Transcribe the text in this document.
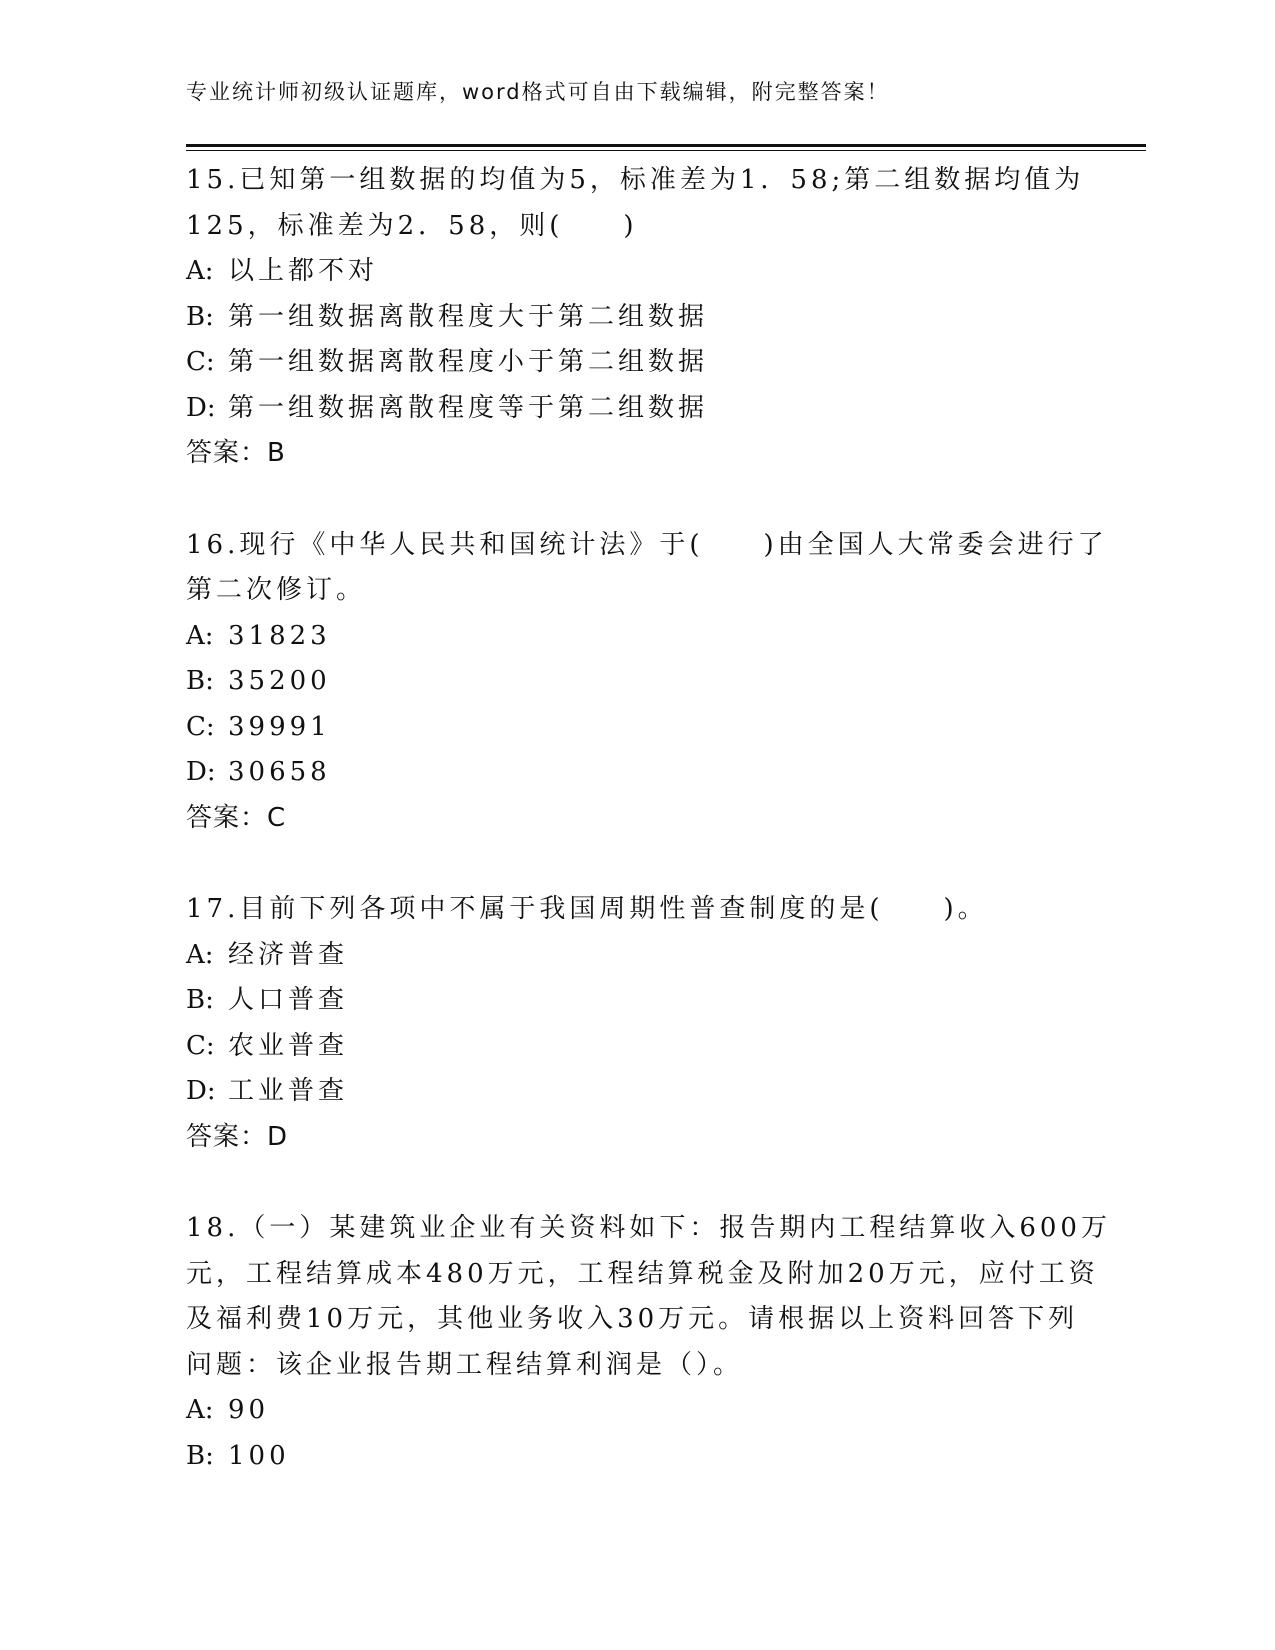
专业统计师初级认证题库，word格式可自由下载编辑，附完整答案！
15.已知第一组数据的均值为5，标准差为1．58;第二组数据均值为
125，标准差为2．58，则(　　)
A: 以上都不对
B: 第一组数据离散程度大于第二组数据
C: 第一组数据离散程度小于第二组数据
D: 第一组数据离散程度等于第二组数据
答案：B
16.现行《中华人民共和国统计法》于(　　)由全国人大常委会进行了
第二次修订。
A: 31823
B: 35200
C: 39991
D: 30658
答案：C
17.目前下列各项中不属于我国周期性普查制度的是(　　)。
A: 经济普查
B: 人口普查
C: 农业普查
D: 工业普查
答案：D
18.（一）某建筑业企业有关资料如下：报告期内工程结算收入600万
元，工程结算成本480万元，工程结算税金及附加20万元，应付工资
及福利费10万元，其他业务收入30万元。请根据以上资料回答下列
问题：该企业报告期工程结算利润是（）。
A: 90
B: 100
